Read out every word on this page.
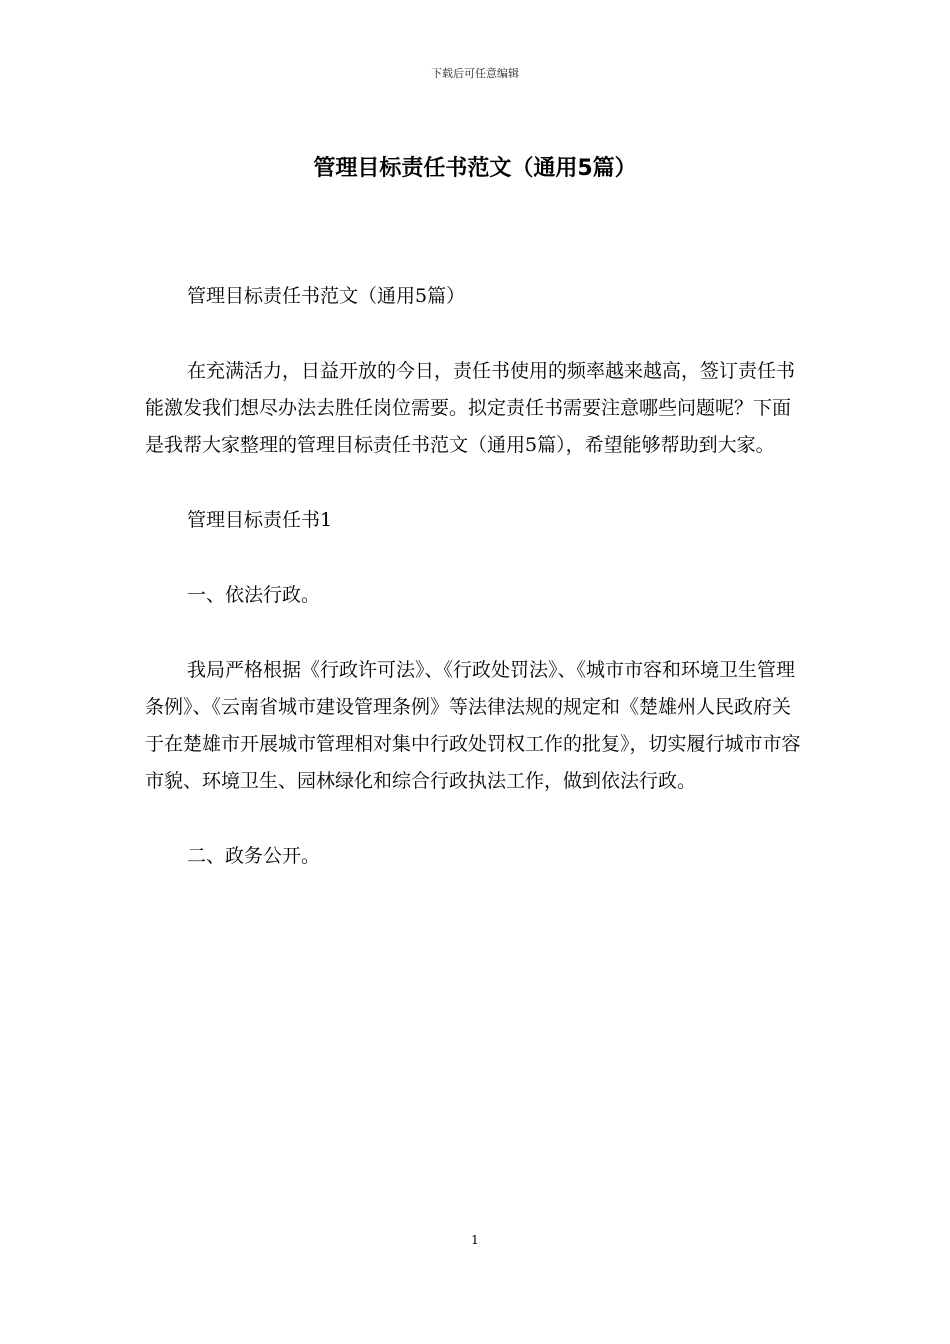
下载后可任意编辑
管理目标责任书范文（通用5篇）

管理目标责任书范文（通用5篇）

在充满活力，日益开放的今日，责任书使用的频率越来越高，签订责任书能激发我们想尽办法去胜任岗位需要。拟定责任书需要注意哪些问题呢？下面是我帮大家整理的管理目标责任书范文（通用5篇），希望能够帮助到大家。

管理目标责任书1

一、依法行政。

我局严格根据《行政许可法》、《行政处罚法》、《城市市容和环境卫生管理条例》、《云南省城市建设管理条例》等法律法规的规定和《楚雄州人民政府关于在楚雄市开展城市管理相对集中行政处罚权工作的批复》，切实履行城市市容市貌、环境卫生、园林绿化和综合行政执法工作，做到依法行政。

二、政务公开。

1
